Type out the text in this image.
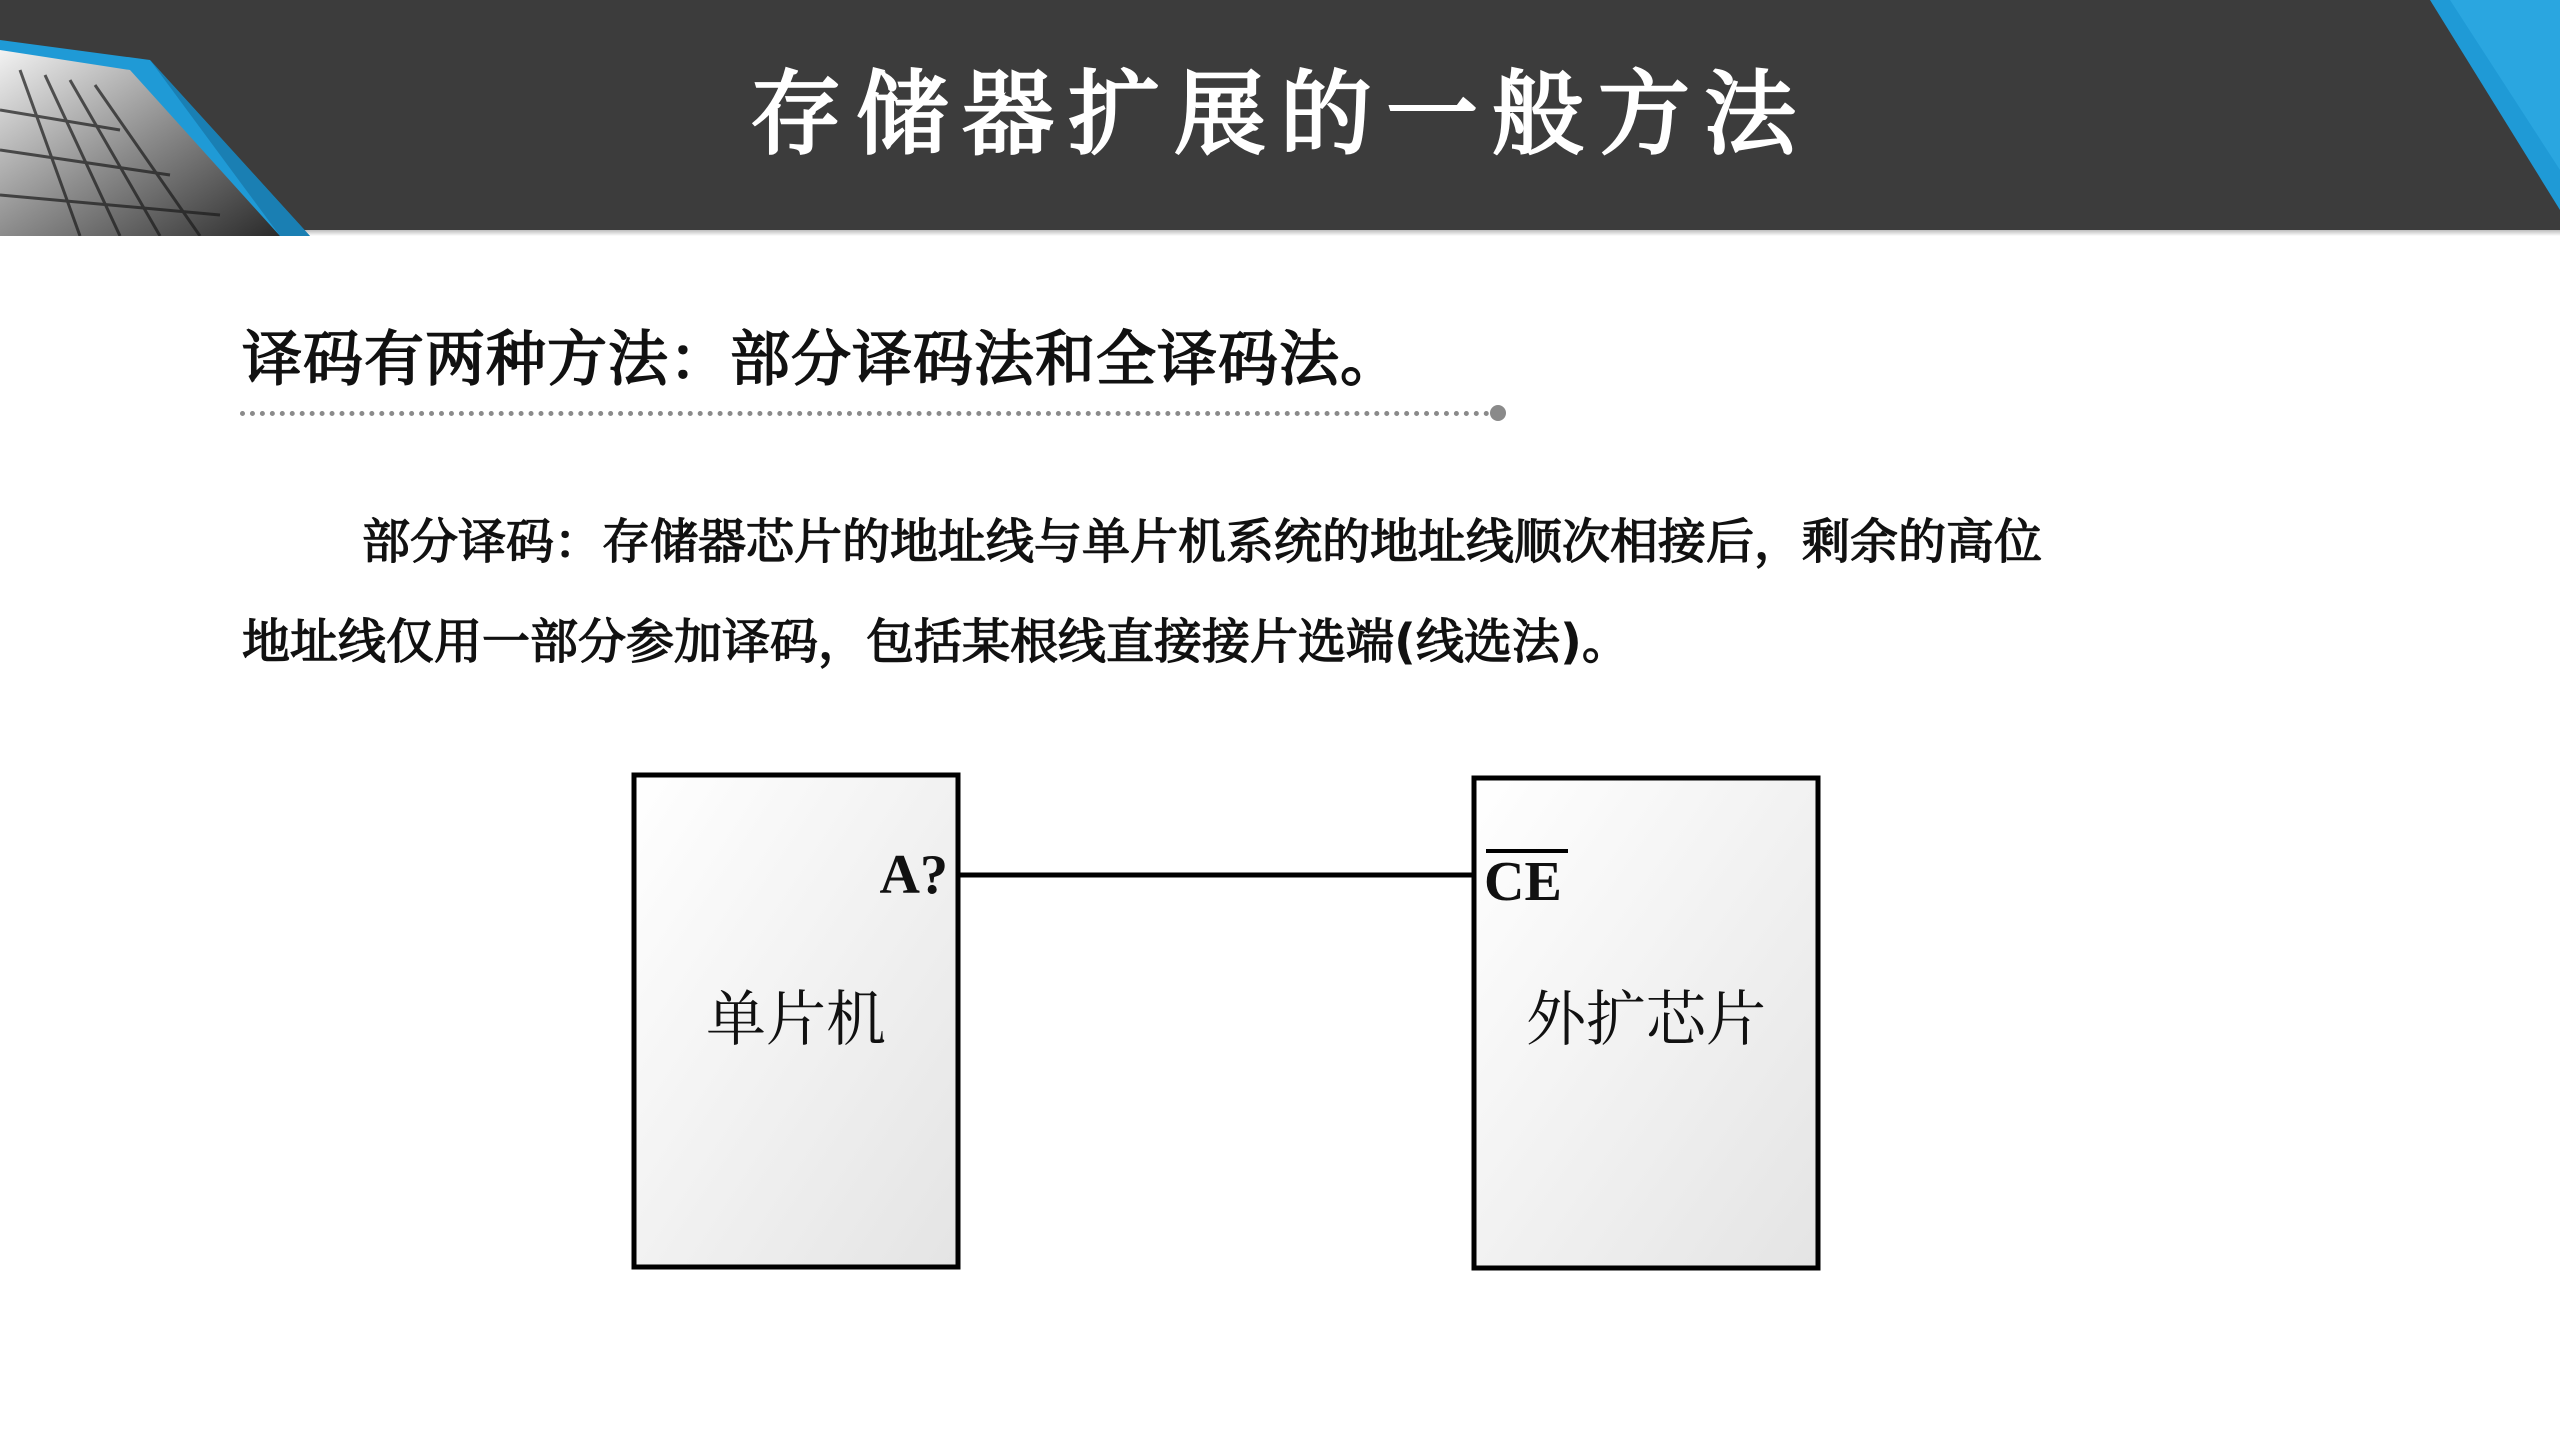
存储器扩展的一般方法
译码有两种方法：部分译码法和全译码法。
部分译码：存储器芯片的地址线与单片机系统的地址线顺次相接后，剩余的高位
地址线仅用一部分参加译码，包括某根线直接接片选端(线选法)。
单片机
A?
外扩芯片
CE
